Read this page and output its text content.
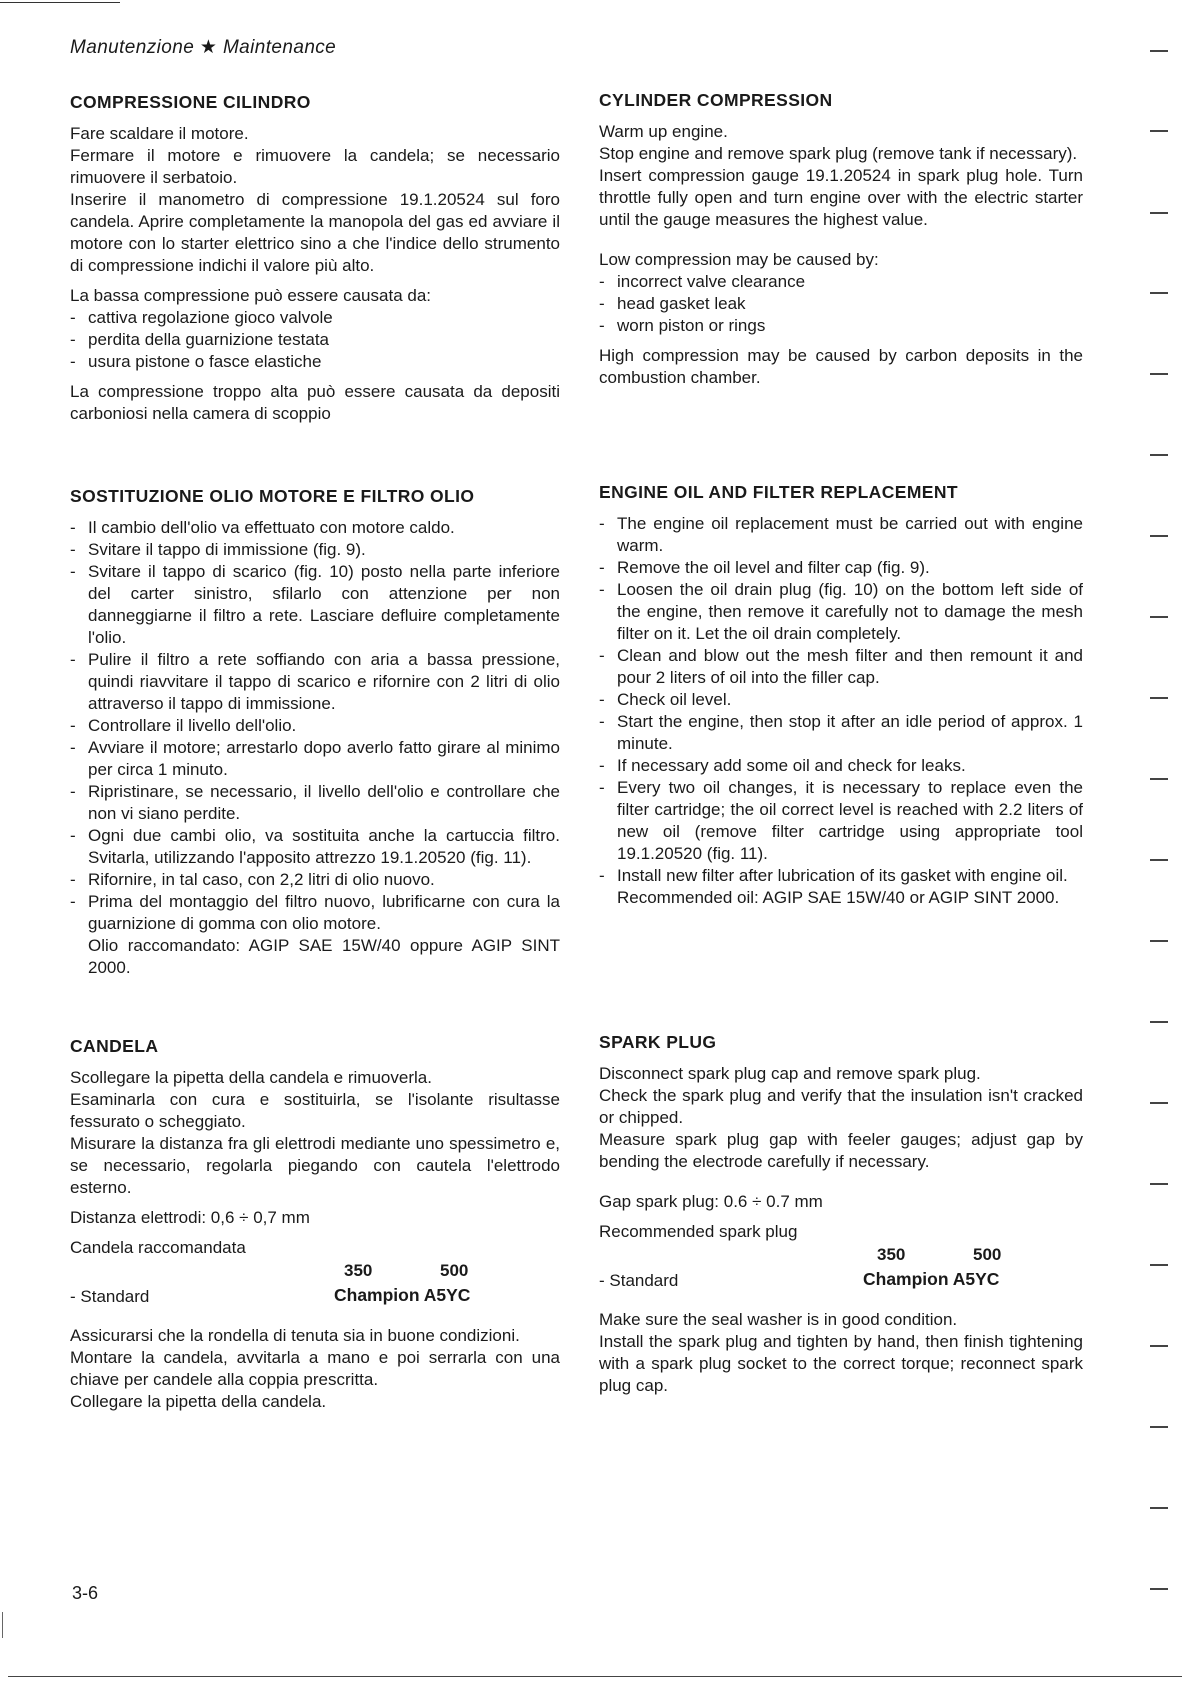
Manutenzione ★ Maintenance
COMPRESSIONE CILINDRO

Fare scaldare il motore.

Fermare il motore e rimuovere la candela; se necessario rimuovere il serbatoio.

Inserire il manometro di compressione 19.1.20524 sul foro candela. Aprire completamente la manopola del gas ed avviare il motore con lo starter elettrico sino a che l'indice dello strumento di compressione indichi il valore più alto.

La bassa compressione può essere causata da:

- cattiva regolazione gioco valvole
- perdita della guarnizione testata
- usura pistone o fasce elastiche

La compressione troppo alta può essere causata da depositi carboniosi nella camera di scoppio

SOSTITUZIONE OLIO MOTORE E FILTRO OLIO
- Il cambio dell'olio va effettuato con motore caldo.
- Svitare il tappo di immissione (fig. 9).
- Svitare il tappo di scarico (fig. 10) posto nella parte inferiore del carter sinistro, sfilarlo con attenzione per non danneggiarne il filtro a rete. Lasciare defluire completamente l'olio.
- Pulire il filtro a rete soffiando con aria a bassa pressione, quindi riavvitare il tappo di scarico e rifornire con 2 litri di olio attraverso il tappo di immissione.
- Controllare il livello dell'olio.
- Avviare il motore; arrestarlo dopo averlo fatto girare al minimo per circa 1 minuto.
- Ripristinare, se necessario, il livello dell'olio e controllare che non vi siano perdite.
- Ogni due cambi olio, va sostituita anche la cartuccia filtro. Svitarla, utilizzando l'apposito attrezzo 19.1.20520 (fig. 11).
- Rifornire, in tal caso, con 2,2 litri di olio nuovo.
- Prima del montaggio del filtro nuovo, lubrificarne con cura la guarnizione di gomma con olio motore.
Olio raccomandato: AGIP SAE 15W/40 oppure AGIP SINT 2000.
CANDELA

Scollegare la pipetta della candela e rimuoverla.

Esaminarla con cura e sostituirla, se l'isolante risultasse fessurato o scheggiato.

Misurare la distanza fra gli elettrodi mediante uno spessimetro e, se necessario, regolarla piegando con cautela l'elettrodo esterno.

Distanza elettrodi: 0,6 ÷ 0,7 mm

Candela raccomandata

350	500
- Standard	Champion A5YC

Assicurarsi che la rondella di tenuta sia in buone condizioni.

Montare la candela, avvitarla a mano e poi serrarla con una chiave per candele alla coppia prescritta.

Collegare la pipetta della candela.

CYLINDER COMPRESSION

Warm up engine.

Stop engine and remove spark plug (remove tank if necessary).

Insert compression gauge 19.1.20524 in spark plug hole. Turn throttle fully open and turn engine over with the electric starter until the gauge measures the highest value.

Low compression may be caused by:

- incorrect valve clearance
- head gasket leak
- worn piston or rings

High compression may be caused by carbon deposits in the combustion chamber.

ENGINE OIL AND FILTER REPLACEMENT
- The engine oil replacement must be carried out with engine warm.
- Remove the oil level and filter cap (fig. 9).
- Loosen the oil drain plug (fig. 10) on the bottom left side of the engine, then remove it carefully not to damage the mesh filter on it. Let the oil drain completely.
- Clean and blow out the mesh filter and then remount it and pour 2 liters of oil into the filler cap.
- Check oil level.
- Start the engine, then stop it after an idle period of approx. 1 minute.
- If necessary add some oil and check for leaks.
- Every two oil changes, it is necessary to replace even the filter cartridge; the oil correct level is reached with 2.2 liters of new oil (remove filter cartridge using appropriate tool 19.1.20520 (fig. 11).
- Install new filter after lubrication of its gasket with engine oil.
Recommended oil: AGIP SAE 15W/40 or AGIP SINT 2000.
SPARK PLUG

Disconnect spark plug cap and remove spark plug.

Check the spark plug and verify that the insulation isn't cracked or chipped.

Measure spark plug gap with feeler gauges; adjust gap by bending the electrode carefully if necessary.

Gap spark plug: 0.6 ÷ 0.7 mm

Recommended spark plug

350	500
- Standard	Champion A5YC

Make sure the seal washer is in good condition.

Install the spark plug and tighten by hand, then finish tightening with a spark plug socket to the correct torque; reconnect spark plug cap.

3-6
